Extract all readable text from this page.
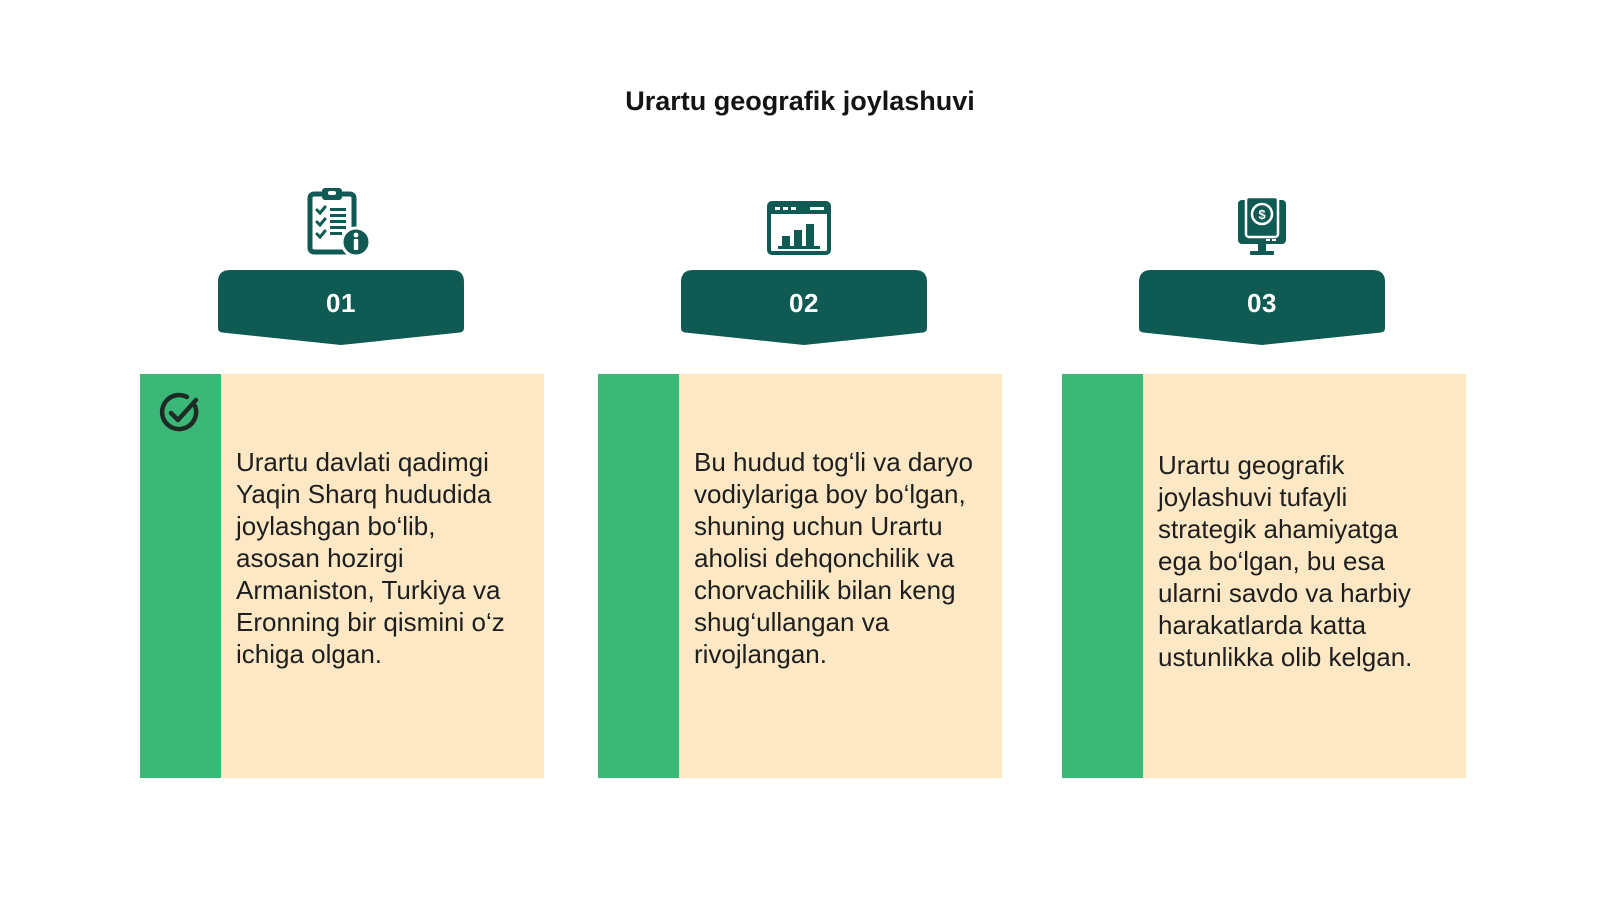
Urartu geografik joylashuvi
01
Urartu davlati qadimgi Yaqin Sharq hududida joylashgan bo‘lib, asosan hozirgi Armaniston, Turkiya va Eronning bir qismini o‘z ichiga olgan.
02
Bu hudud tog‘li va daryo vodiylariga boy bo‘lgan, shuning uchun Urartu aholisi dehqonchilik va chorvachilik bilan keng shug‘ullangan va rivojlangan.
$
03
Urartu geografik joylashuvi tufayli strategik ahamiyatga ega bo‘lgan, bu esa ularni savdo va harbiy harakatlarda katta ustunlikka olib kelgan.
